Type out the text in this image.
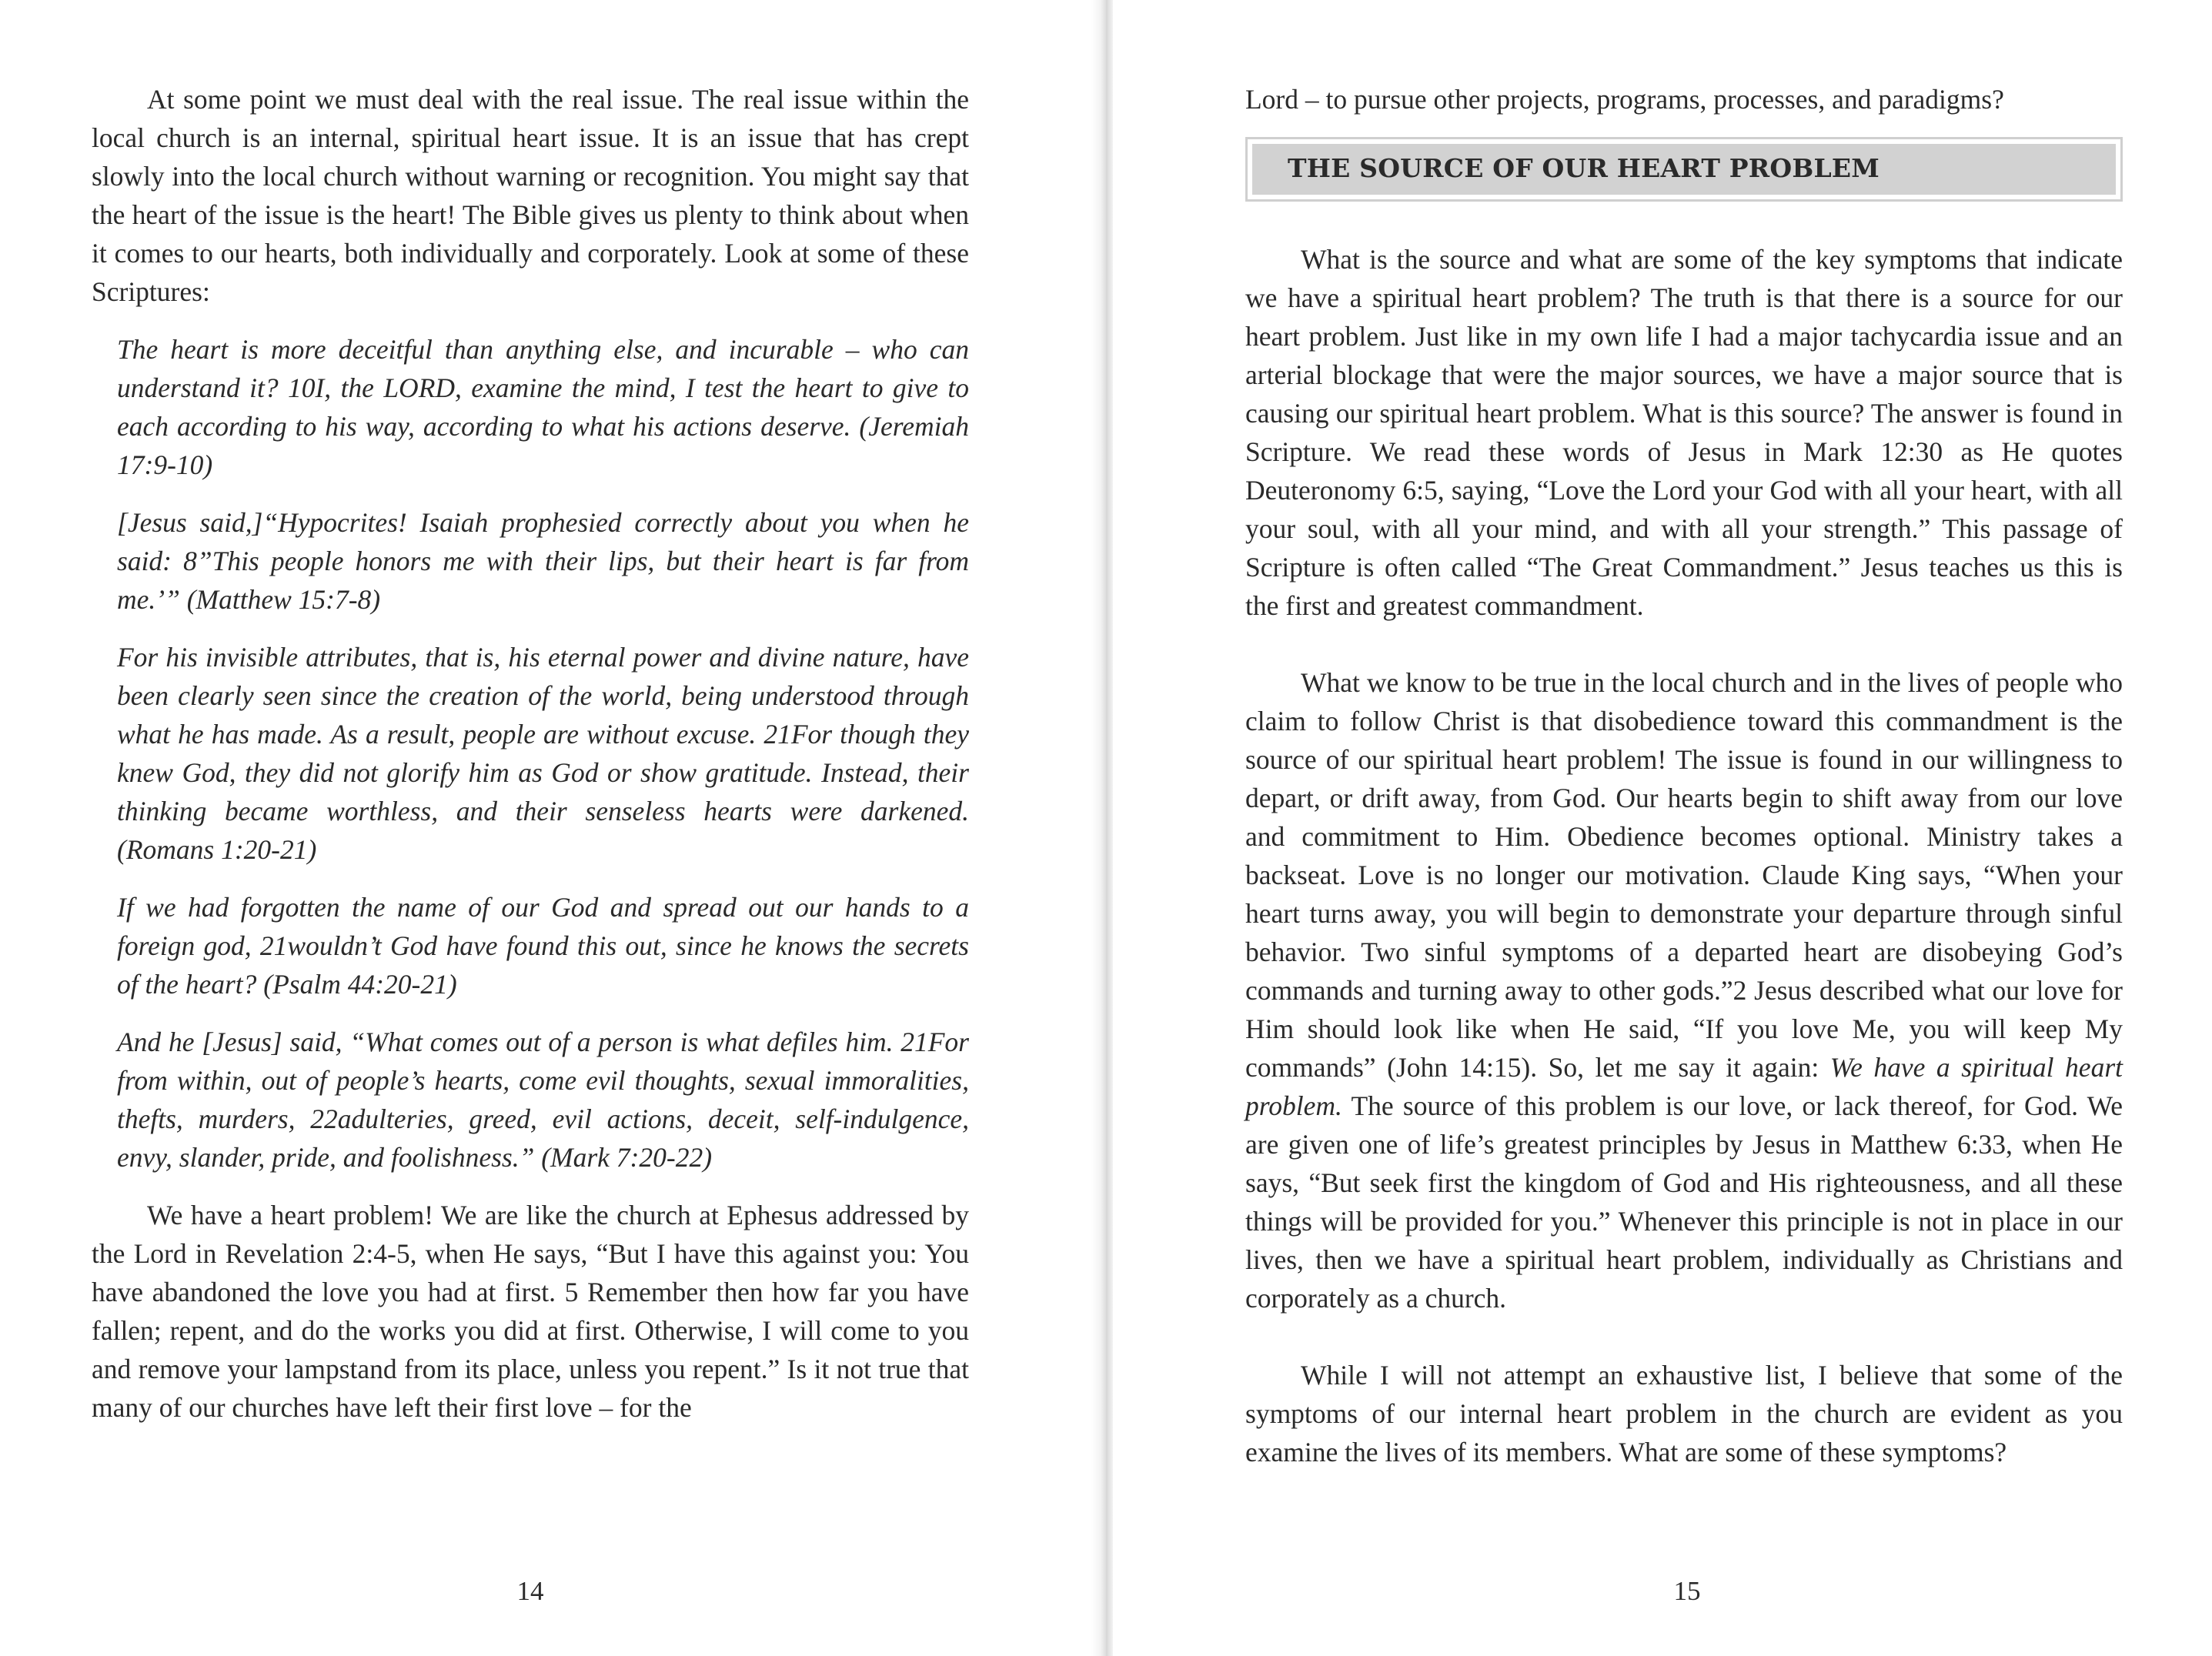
At some point we must deal with the real issue. The real issue within the local church is an internal, spiritual heart issue. It is an issue that has crept slowly into the local church without warning or recognition. You might say that the heart of the issue is the heart! The Bible gives us plenty to think about when it comes to our hearts, both individually and corporately. Look at some of these Scriptures:

The heart is more deceitful than anything else, and incurable – who can understand it? 10I, the LORD, examine the mind, I test the heart to give to each according to his way, according to what his actions deserve. (Jeremiah 17:9-10)

[Jesus said,]“Hypocrites! Isaiah prophesied correctly about you when he said: 8”This people honors me with their lips, but their heart is far from me.’” (Matthew 15:7-8)

For his invisible attributes, that is, his eternal power and divine nature, have been clearly seen since the creation of the world, being understood through what he has made. As a result, people are without excuse. 21For though they knew God, they did not glorify him as God or show gratitude. Instead, their thinking became worthless, and their senseless hearts were darkened. (Romans 1:20-21)

If we had forgotten the name of our God and spread out our hands to a foreign god, 21wouldn’t God have found this out, since he knows the secrets of the heart? (Psalm 44:20-21)

And he [Jesus] said, “What comes out of a person is what defiles him. 21For from within, out of people’s hearts, come evil thoughts, sexual immoralities, thefts, murders, 22adulteries, greed, evil actions, deceit, self-indulgence, envy, slander, pride, and foolishness.” (Mark 7:20-22)

We have a heart problem! We are like the church at Ephesus addressed by the Lord in Revelation 2:4-5, when He says, “But I have this against you: You have abandoned the love you had at first. 5 Remember then how far you have fallen; repent, and do the works you did at first. Otherwise, I will come to you and remove your lampstand from its place, unless you repent.” Is it not true that many of our churches have left their first love – for the

14

Lord – to pursue other projects, programs, processes, and paradigms?

THE SOURCE OF OUR HEART PROBLEM

What is the source and what are some of the key symptoms that indicate we have a spiritual heart problem? The truth is that there is a source for our heart problem. Just like in my own life I had a major tachycardia issue and an arterial blockage that were the major sources, we have a major source that is causing our spiritual heart problem. What is this source? The answer is found in Scripture. We read these words of Jesus in Mark 12:30 as He quotes Deuteronomy 6:5, saying, “Love the Lord your God with all your heart, with all your soul, with all your mind, and with all your strength.” This passage of Scripture is often called “The Great Commandment.” Jesus teaches us this is the first and greatest commandment.

What we know to be true in the local church and in the lives of people who claim to follow Christ is that disobedience toward this commandment is the source of our spiritual heart problem! The issue is found in our willingness to depart, or drift away, from God. Our hearts begin to shift away from our love and commitment to Him. Obedience becomes optional. Ministry takes a backseat. Love is no longer our motivation. Claude King says, “When your heart turns away, you will begin to demonstrate your departure through sinful behavior. Two sinful symptoms of a departed heart are disobeying God’s commands and turning away to other gods.”2 Jesus described what our love for Him should look like when He said, “If you love Me, you will keep My commands” (John 14:15). So, let me say it again: We have a spiritual heart problem. The source of this problem is our love, or lack thereof, for God. We are given one of life’s greatest principles by Jesus in Matthew 6:33, when He says, “But seek first the kingdom of God and His righteousness, and all these things will be provided for you.” Whenever this principle is not in place in our lives, then we have a spiritual heart problem, individually as Christians and corporately as a church.

While I will not attempt an exhaustive list, I believe that some of the symptoms of our internal heart problem in the church are evident as you examine the lives of its members. What are some of these symptoms?

15
